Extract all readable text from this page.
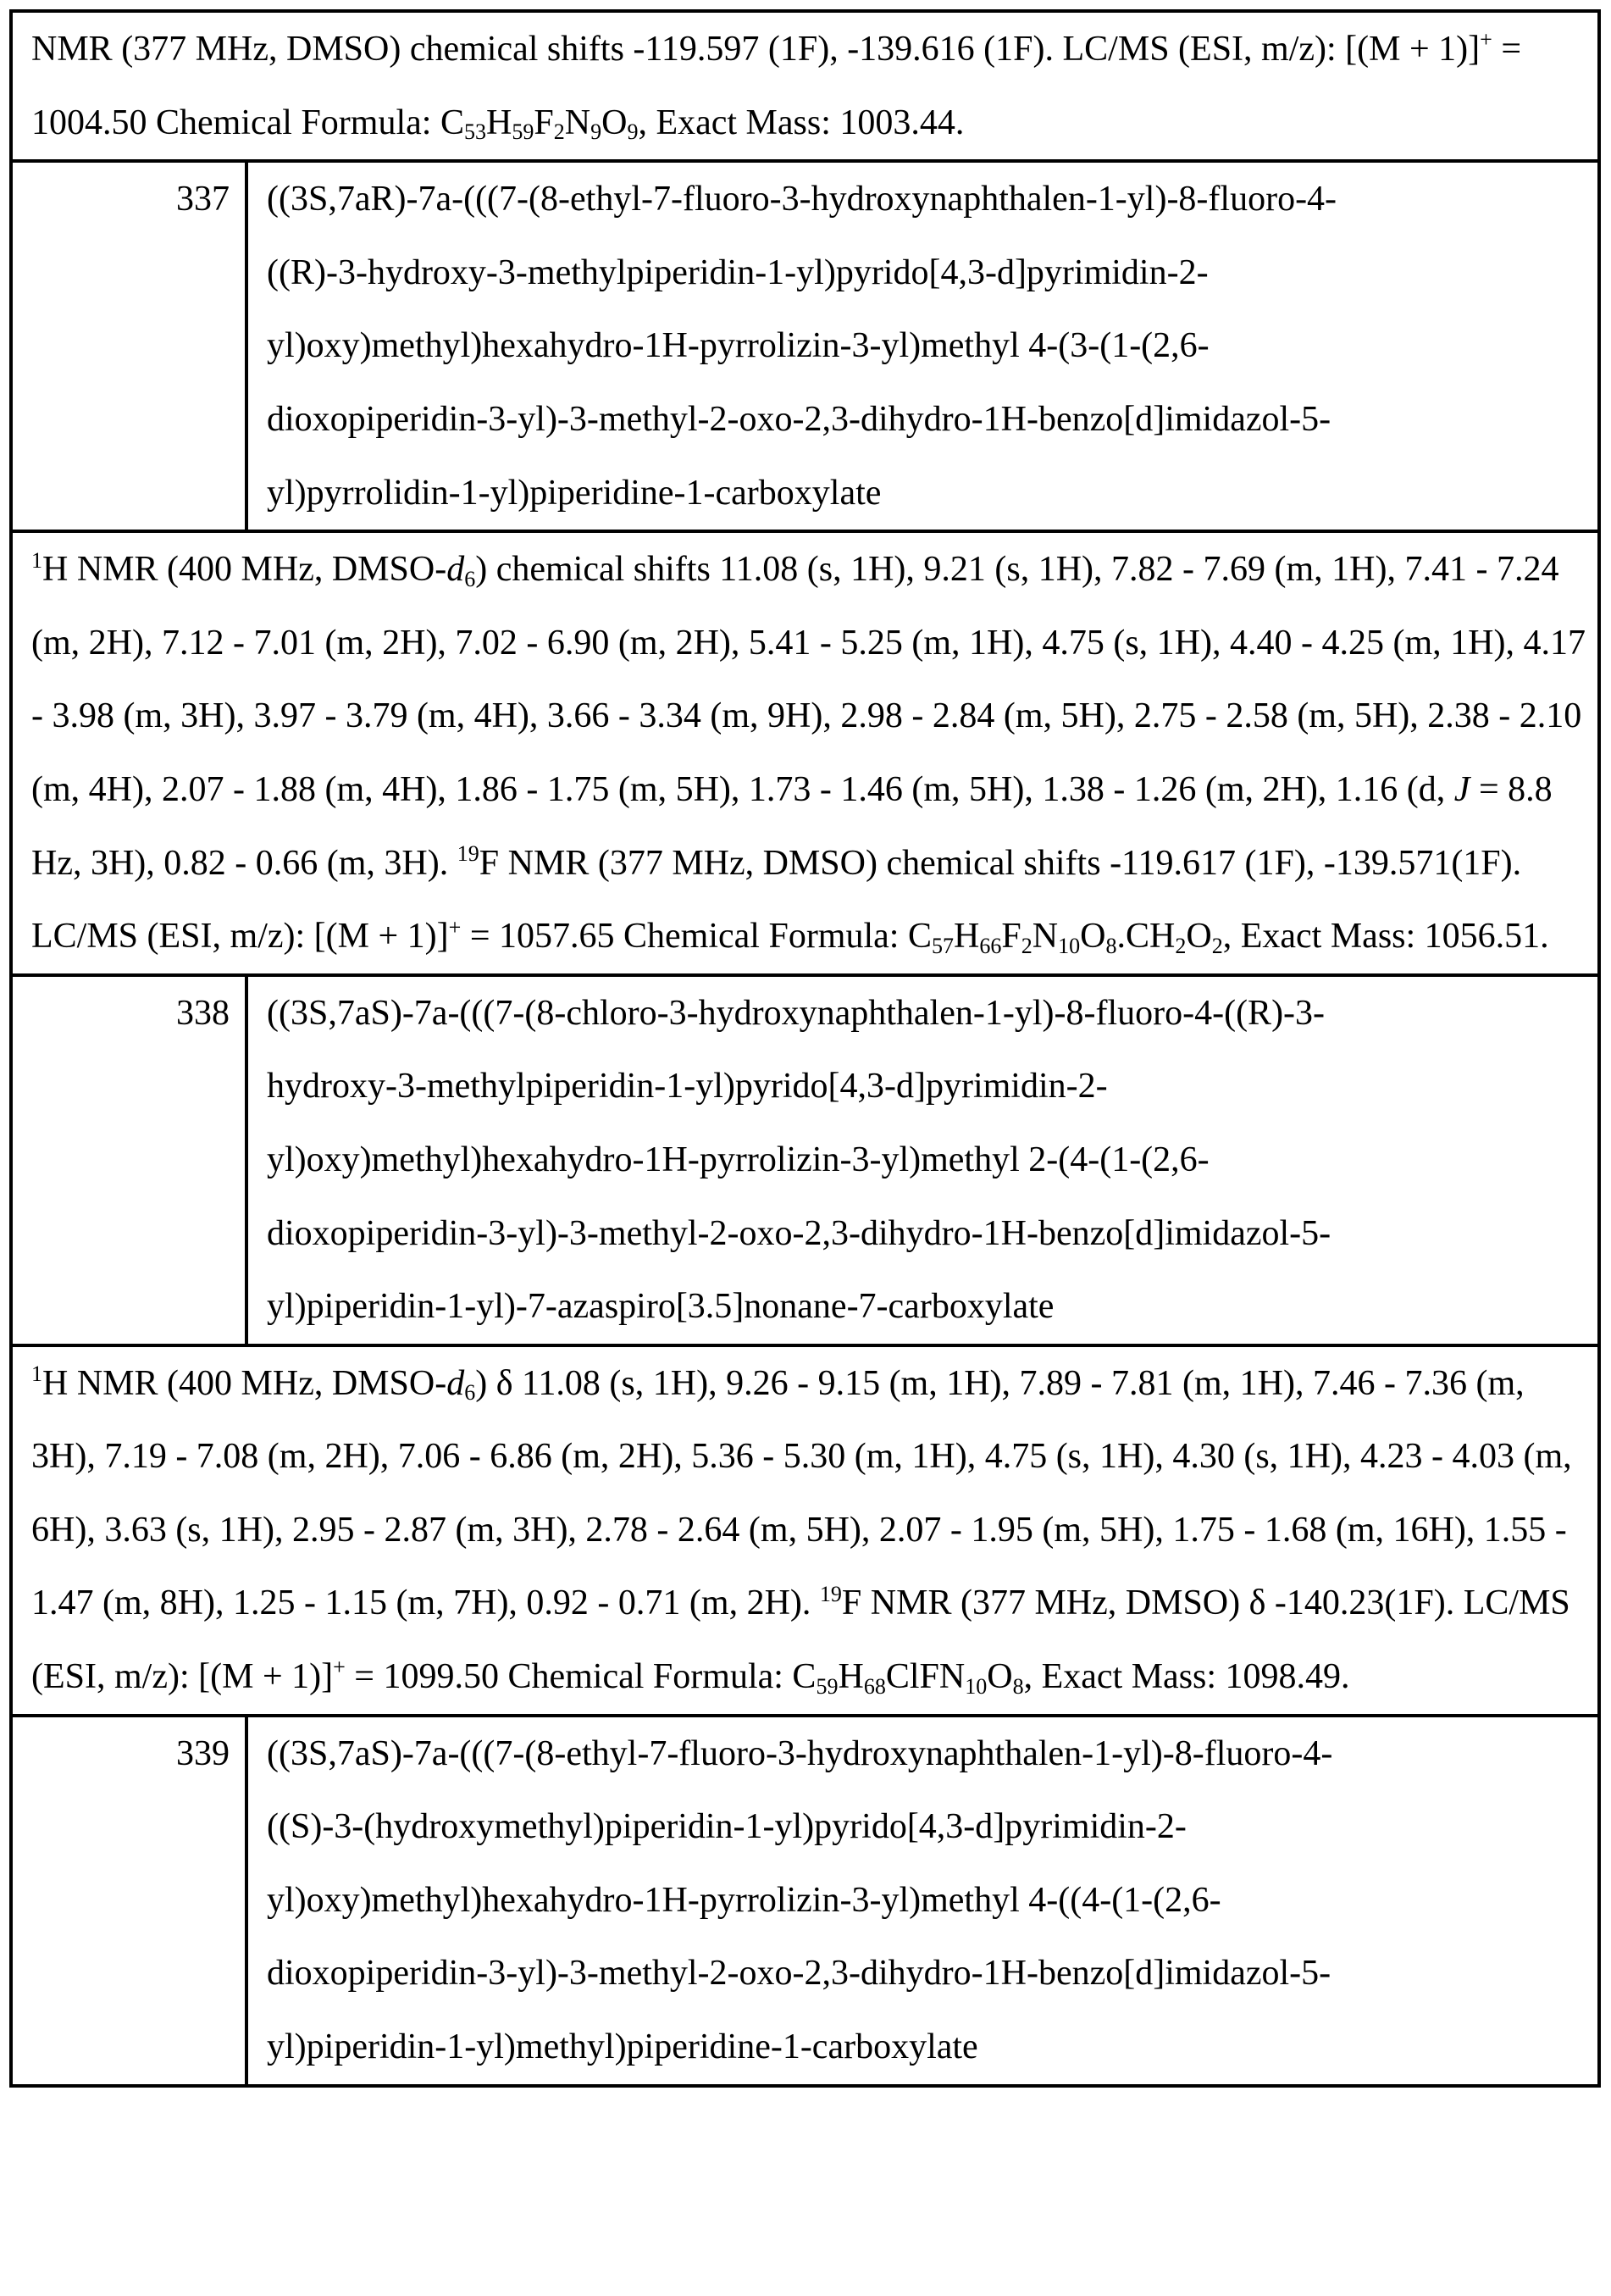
NMR (377 MHz, DMSO) chemical shifts -119.597 (1F), -139.616 (1F). LC/MS (ESI, m/z): [(M + 1)]+ = 1004.50 Chemical Formula: $C_{53}H_{59}F_2N_9O_9$, Exact Mass: 1003.44.	
337	((3S,7aR)-7a-(((7-(8-ethyl-7-fluoro-3-hydroxynaphthalen-1-yl)-8-fluoro-4-
((R)-3-hydroxy-3-methylpiperidin-1-yl)pyrido[4,3-d]pyrimidin-2-
yl)oxy)methyl)hexahydro-1H-pyrrolizin-3-yl)methyl 4-(3-(1-(2,6-
dioxopiperidin-3-yl)-3-methyl-2-oxo-2,3-dihydro-1H-benzo[d]imidazol-5-
yl)pyrrolidin-1-yl)piperidine-1-carboxylate

$^1$H NMR (400 MHz, DMSO-$d_6$) chemical shifts 11.08 (s, 1H), 9.21 (s, 1H), 7.82 - 7.69 (m, 1H), 7.41 - 7.24 (m, 2H), 7.12 - 7.01 (m, 2H), 7.02 - 6.90 (m, 2H), 5.41 - 5.25 (m, 1H), 4.75 (s, 1H), 4.40 - 4.25 (m, 1H), 4.17 - 3.98 (m, 3H), 3.97 - 3.79 (m, 4H), 3.66 - 3.34 (m, 9H), 2.98 - 2.84 (m, 5H), 2.75 - 2.58 (m, 5H), 2.38 - 2.10 (m, 4H), 2.07 - 1.88 (m, 4H), 1.86 - 1.75 (m, 5H), 1.73 - 1.46 (m, 5H), 1.38 - 1.26 (m, 2H), 1.16 (d, J = 8.8 Hz, 3H), 0.82 - 0.66 (m, 3H). $^{19}$F NMR (377 MHz, DMSO) chemical shifts -119.617 (1F), -139.571(1F). LC/MS (ESI, m/z): [(M + 1)]+ = 1057.65 Chemical Formula: $C_{57}H_{66}F_2N_{10}O_8.CH_2O_2$, Exact Mass: 1056.51.	
338	((3S,7aS)-7a-(((7-(8-chloro-3-hydroxynaphthalen-1-yl)-8-fluoro-4-((R)-3-
hydroxy-3-methylpiperidin-1-yl)pyrido[4,3-d]pyrimidin-2-
yl)oxy)methyl)hexahydro-1H-pyrrolizin-3-yl)methyl 2-(4-(1-(2,6-
dioxopiperidin-3-yl)-3-methyl-2-oxo-2,3-dihydro-1H-benzo[d]imidazol-5-
yl)piperidin-1-yl)-7-azaspiro[3.5]nonane-7-carboxylate

$^1$H NMR (400 MHz, DMSO-$d_6$) δ 11.08 (s, 1H), 9.26 - 9.15 (m, 1H), 7.89 - 7.81 (m, 1H), 7.46 - 7.36 (m, 3H), 7.19 - 7.08 (m, 2H), 7.06 - 6.86 (m, 2H), 5.36 - 5.30 (m, 1H), 4.75 (s, 1H), 4.30 (s, 1H), 4.23 - 4.03 (m, 6H), 3.63 (s, 1H), 2.95 - 2.87 (m, 3H), 2.78 - 2.64 (m, 5H), 2.07 - 1.95 (m, 5H), 1.75 - 1.68 (m, 16H), 1.55 - 1.47 (m, 8H), 1.25 - 1.15 (m, 7H), 0.92 - 0.71 (m, 2H). $^{19}$F NMR (377 MHz, DMSO) δ -140.23(1F). LC/MS (ESI, m/z): [(M + 1)]+ = 1099.50 Chemical Formula: $C_{59}H_{68}ClFN_{10}O_8$, Exact Mass: 1098.49.	
339	((3S,7aS)-7a-(((7-(8-ethyl-7-fluoro-3-hydroxynaphthalen-1-yl)-8-fluoro-4-
((S)-3-(hydroxymethyl)piperidin-1-yl)pyrido[4,3-d]pyrimidin-2-
yl)oxy)methyl)hexahydro-1H-pyrrolizin-3-yl)methyl 4-((4-(1-(2,6-
dioxopiperidin-3-yl)-3-methyl-2-oxo-2,3-dihydro-1H-benzo[d]imidazol-5-
yl)piperidin-1-yl)methyl)piperidine-1-carboxylate
